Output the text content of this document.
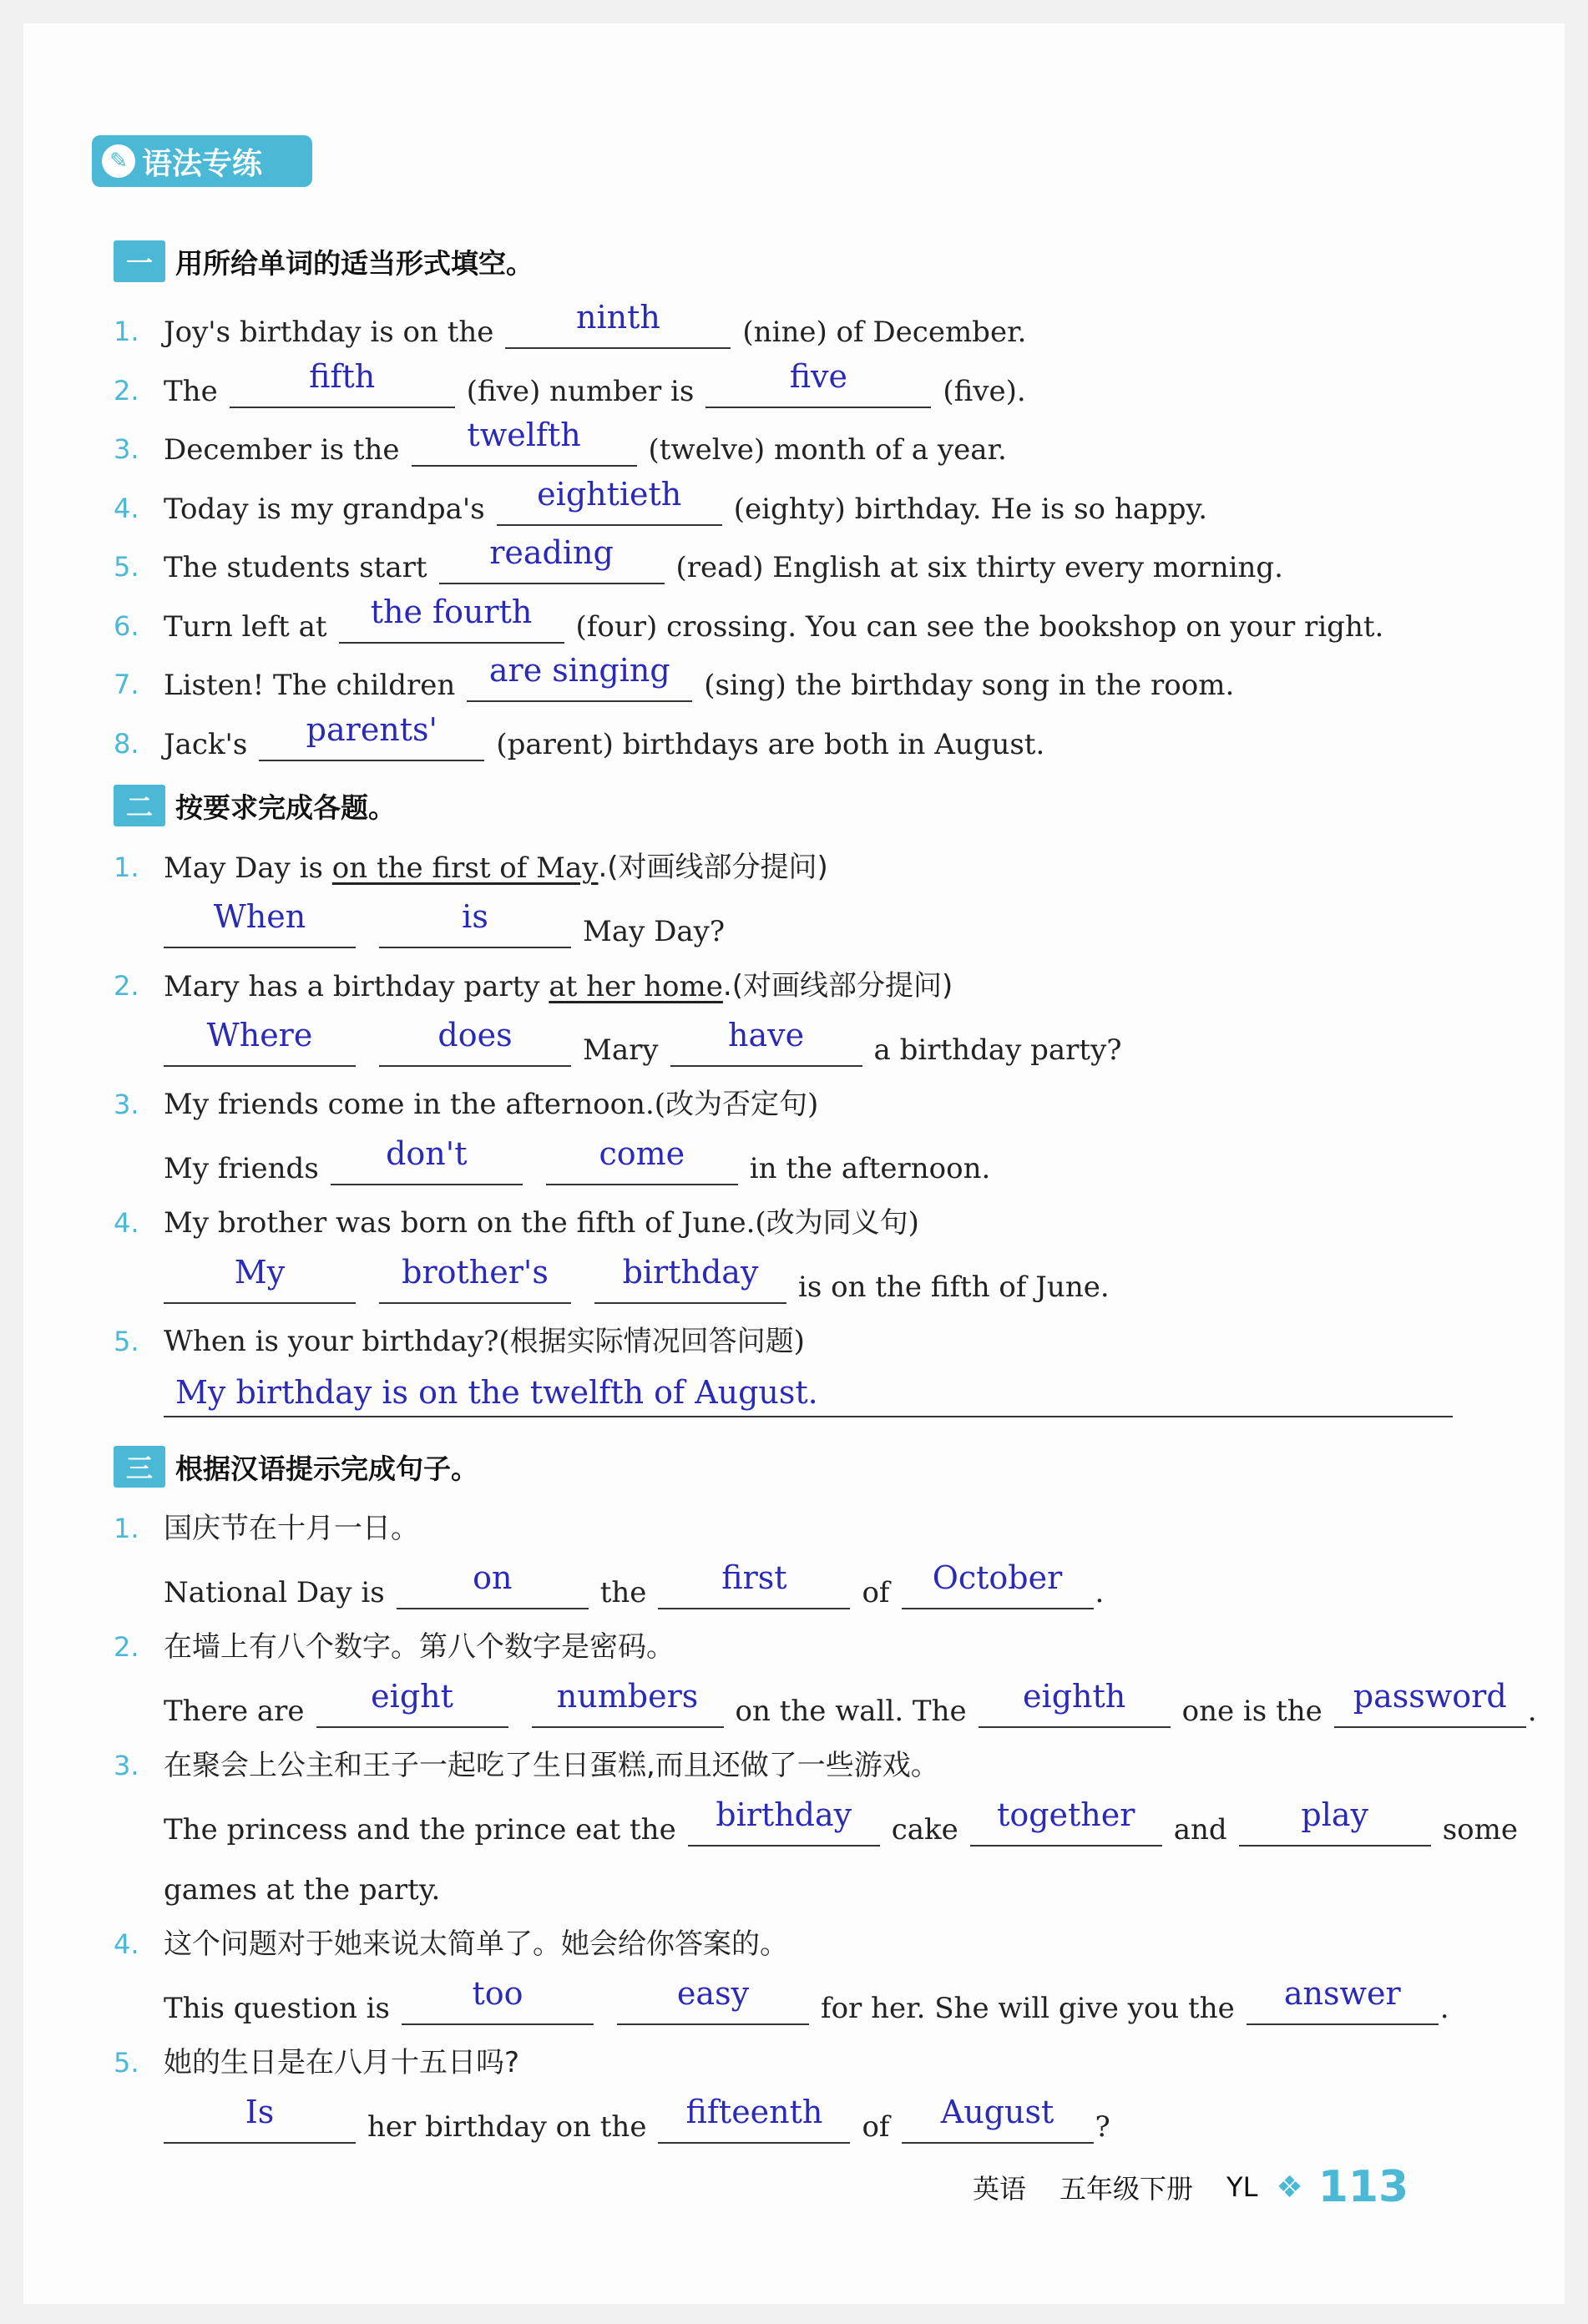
✎ 语法专练
一 用所给单词的适当形式填空。
1. Joy's birthday is on the	ninth	(nine) of December.
2. The	fifth	(five) number is	five	(five).
3. December is the	twelfth	(twelve) month of a year.
4. Today is my grandpa's	eightieth	(eighty) birthday. He is so happy.
5. The students start	reading	(read) English at six thirty every morning.
6. Turn left at	the fourth	(four) crossing. You can see the bookshop on your right.
7. Listen! The children	are singing	(sing) the birthday song in the room.
8. Jack's	parents'	(parent) birthdays are both in August.
二 按要求完成各题。
1. May Day is on the first of May .(对画线部分提问)
When	is	May Day?
2. Mary has a birthday party at her home .(对画线部分提问)
Where	does	Mary	have	a birthday party?
3. My friends come in the afternoon.(改为否定句)
My friends	don't	come	in the afternoon.
4. My brother was born on the fifth of June.(改为同义句)
My	brother's	birthday	is on the fifth of June.
5. When is your birthday?(根据实际情况回答问题)
My birthday is on the twelfth of August.
三 根据汉语提示完成句子。
1. 国庆节在十月一日。
National Day is	on	the	first	of	October	.
2. 在墙上有八个数字。第八个数字是密码。
There are	eight	numbers	on the wall. The	eighth	one is the password .
3. 在聚会上公主和王子一起吃了生日蛋糕,而且还做了一些游戏。
The princess and the prince eat the	birthday	cake	together	and	play	some
games at the party.
4. 这个问题对于她来说太简单了。她会给你答案的。
This question is	too	easy	for her. She will give you the	answer	.
5. 她的生日是在八月十五日吗?
Is	her birthday on the	fifteenth	of	August	?
英语 五年级下册 YL ❖ 113
